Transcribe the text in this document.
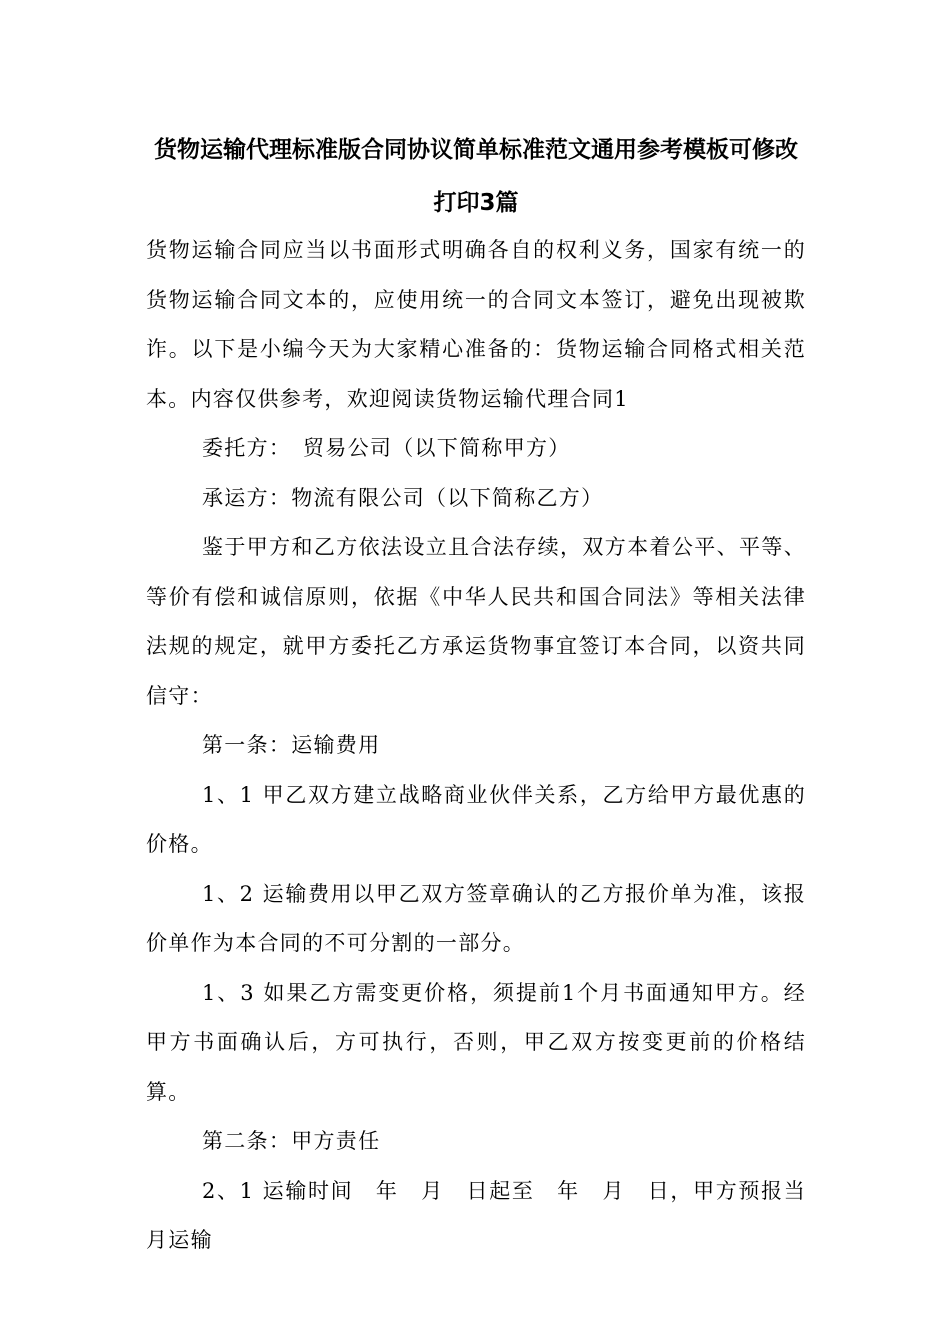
货物运输代理标准版合同协议简单标准范文通用参考模板可修改打印3篇

货物运输合同应当以书面形式明确各自的权利义务，国家有统一的货物运输合同文本的，应使用统一的合同文本签订，避免出现被欺诈。以下是小编今天为大家精心准备的：货物运输合同格式相关范本。内容仅供参考，欢迎阅读货物运输代理合同1

委托方：　贸易公司（以下简称甲方）

承运方：物流有限公司（以下简称乙方）

鉴于甲方和乙方依法设立且合法存续，双方本着公平、平等、等价有偿和诚信原则，依据《中华人民共和国合同法》等相关法律法规的规定，就甲方委托乙方承运货物事宜签订本合同，以资共同信守：

第一条：运输费用

1、1 甲乙双方建立战略商业伙伴关系，乙方给甲方最优惠的价格。

1、2 运输费用以甲乙双方签章确认的乙方报价单为准，该报价单作为本合同的不可分割的一部分。

1、3 如果乙方需变更价格，须提前1个月书面通知甲方。经甲方书面确认后，方可执行，否则，甲乙双方按变更前的价格结算。

第二条：甲方责任

2、1 运输时间　年　月　日起至　年　月　日，甲方预报当月运输
